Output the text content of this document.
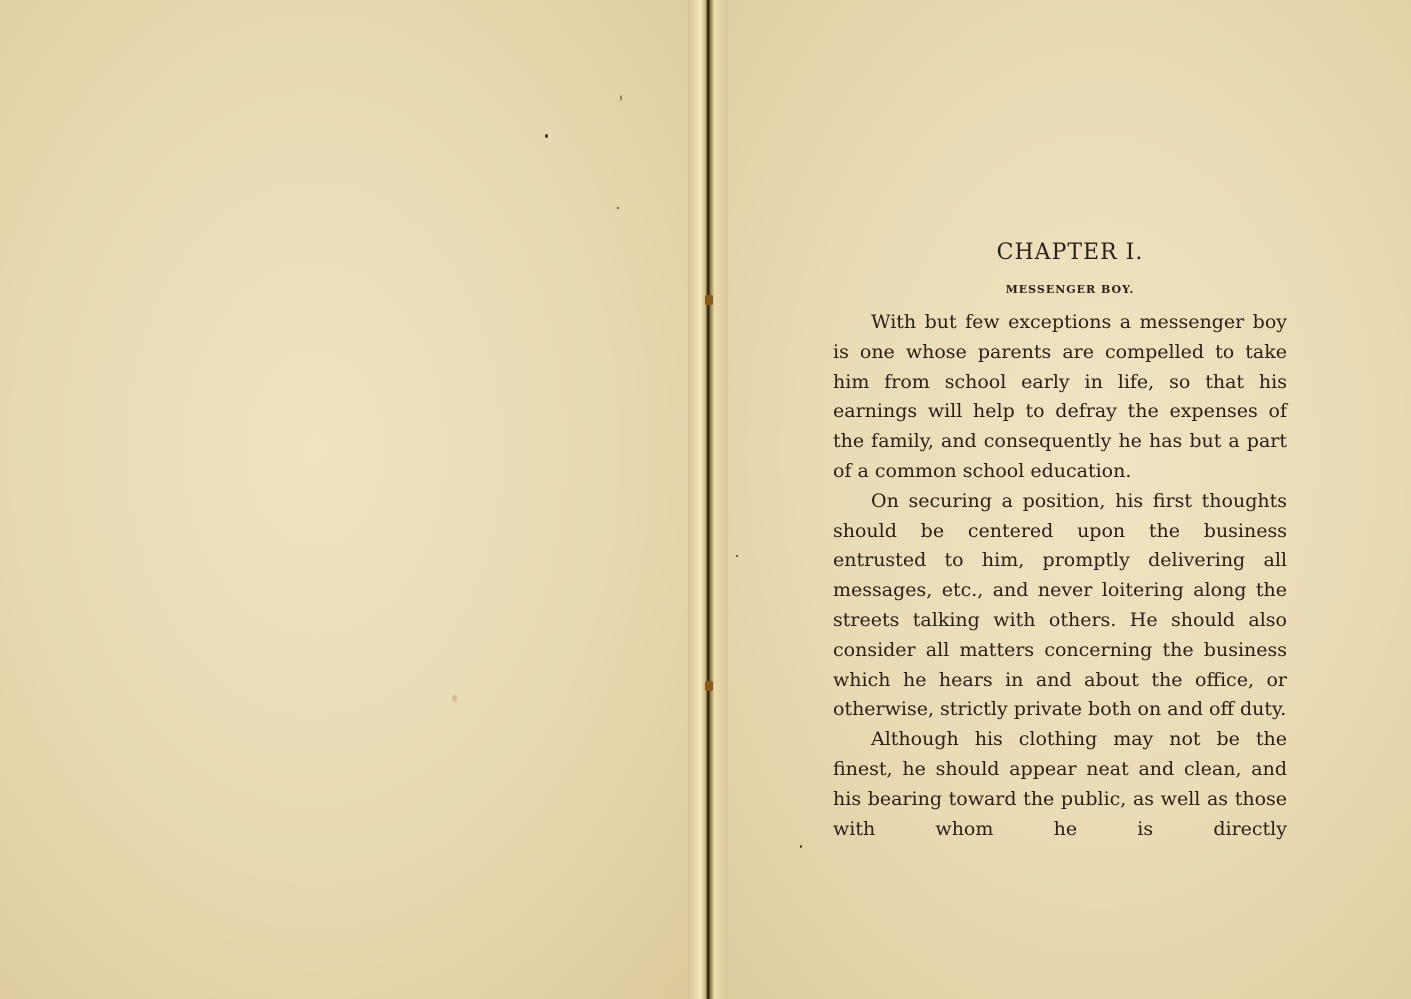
CHAPTER I.
MESSENGER BOY.

With but few exceptions a messenger boy is one whose parents are compelled to take him from school early in life, so that his earnings will help to defray the expenses of the family, and consequently he has but a part of a common school education.

On securing a position, his first thoughts should be centered upon the business entrusted to him, promptly delivering all messages, etc., and never loitering along the streets talking with others. He should also consider all matters concerning the business which he hears in and about the office, or otherwise, strictly private both on and off duty.

Although his clothing may not be the finest, he should appear neat and clean, and his bearing toward the public, as well as those with whom he is directly
